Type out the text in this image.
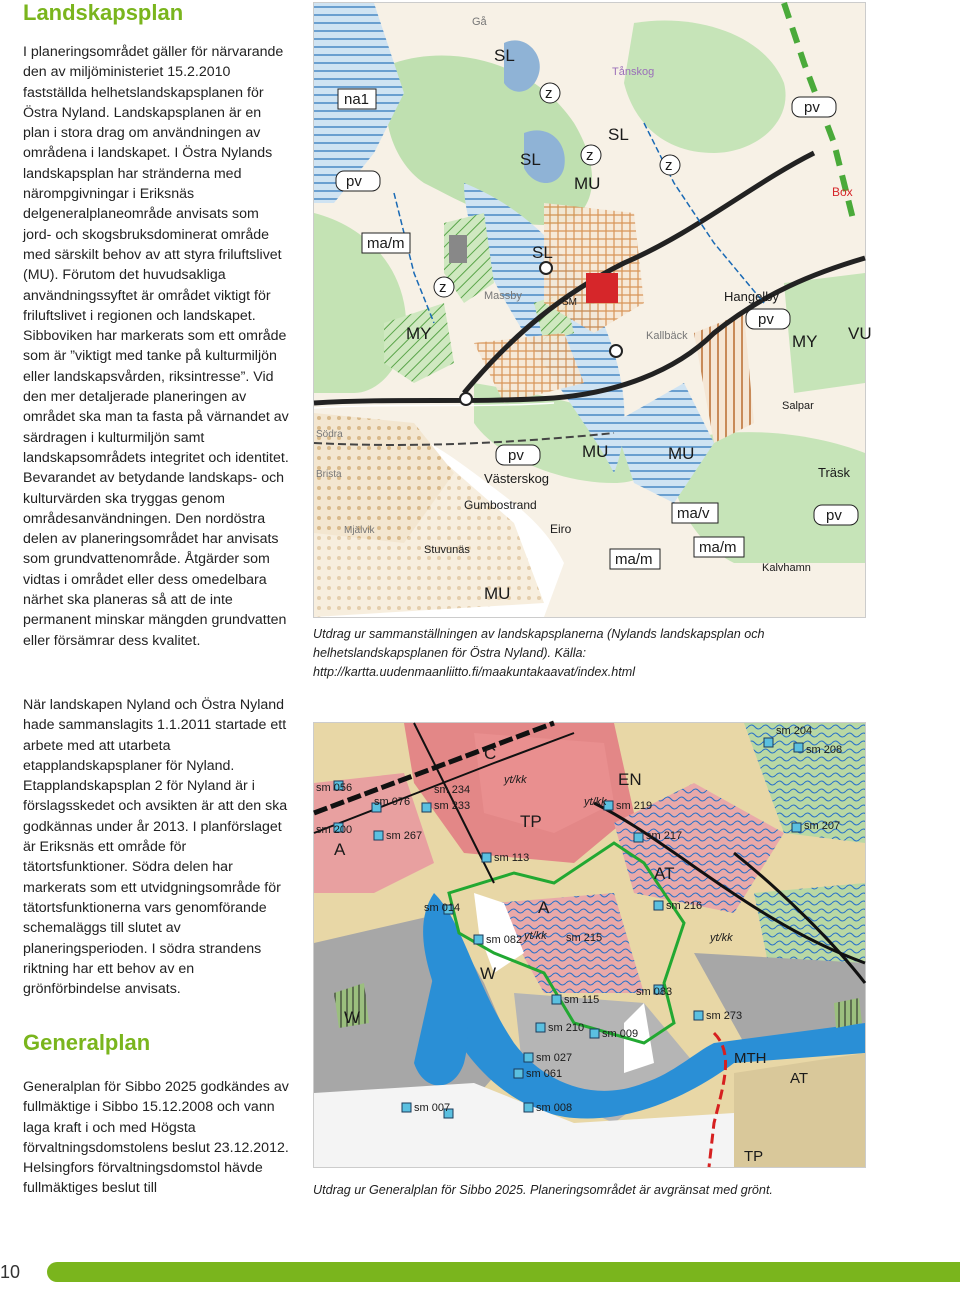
Landskapsplan

I planeringsområdet gäller för närvarande den av miljöministeriet 15.2.2010 fastställda helhetslandskapsplanen för Östra Nyland. Landskapsplanen är en plan i stora drag om användningen av områdena i landskapet. I Östra Nylands landskapsplan har stränderna med närompgivningar i Eriksnäs delgeneralplaneområde anvisats som jord- och skogsbruksdominerat område med särskilt behov av att styra friluftslivet (MU). Förutom det huvudsakliga användningssyftet är området viktigt för friluftslivet i regionen och landskapet. Sibboviken har markerats som ett område som är ”viktigt med tanke på kulturmiljön eller landskapsvården, riksintresse”. Vid den mer detaljerade planeringen av området ska man ta fasta på värnandet av särdragen i kulturmiljön samt landskapsområdets integritet och identitet. Bevarandet av betydande landskaps- och kulturvärden ska tryggas genom områdesanvändningen. Den nordöstra delen av planeringsområdet har anvisats som grundvattenområde. Åtgärder som vidtas i området eller dess omedelbara närhet ska planeras så att de inte permanent minskar mängden grundvatten eller försämrar dess kvalitet.

När landskapen Nyland och Östra Nyland hade sammanslagits 1.1.2011 startade ett arbete med att utarbeta etapplandskapsplaner för Nyland. Etapplandskapsplan 2 för Nyland är i förslagsskedet och avsikten är att den ska godkännas under år 2013. I planförslaget är Eriksnäs ett område för tätortsfunktioner. Södra delen har markerats som ett utvidgningsområde för tätortsfunktionerna vars genomförande schemaläggs till slutet av planeringsperioden. I södra strandens riktning har ett behov av en grönförbindelse anvisats.

Generalplan

Generalplan för Sibbo 2025 godkändes av fullmäktige i Sibbo 15.12.2008 och vann laga kraft i och med Högsta förvaltningsdomstolens beslut 23.12.2012. Helsingfors förvaltningsdomstol hävde fullmäktiges beslut till

na1
SL
z
Tånskog
pv
SL
SL	z
z
MU
SL
ma/m
pv
Box
z
MY
SM
Massby	Hangelby
pv
MY VU
Kallbäck
Salpar
pv
Västerskog
MU	MU
Träsk
Gumbostrand	ma/v
Eiro
pv
ma/m
ma/m
Stuvunäs
Kalvhamn
MU
Södra
Brista
Mjälvik
Gå
Utdrag ur sammanställningen av landskapsplanerna (Nylands landskapsplan och helhetslandskapsplanen för Östra Nyland). Källa: http://kartta.uudenmaanliitto.fi/maakuntakaavat/index.html
C
EN
TP
A
AT
A
W
W
MTH
AT
TP
sm 204
sm 208
sm 056	sm 234
sm 233	sm 219
sm 217
sm 207
sm 200	sm 267
sm 113
sm 216
sm 014
sm 082
sm 083
sm 115
sm 273
sm 210 sm 009
sm 027
sm 061
sm 008
sm 007
sm 215
yt/kk
yt/kk
yt/kk	yt/kk
sm 076
Utdrag ur Generalplan för Sibbo 2025. Planeringsområdet är avgränsat med grönt.
10
